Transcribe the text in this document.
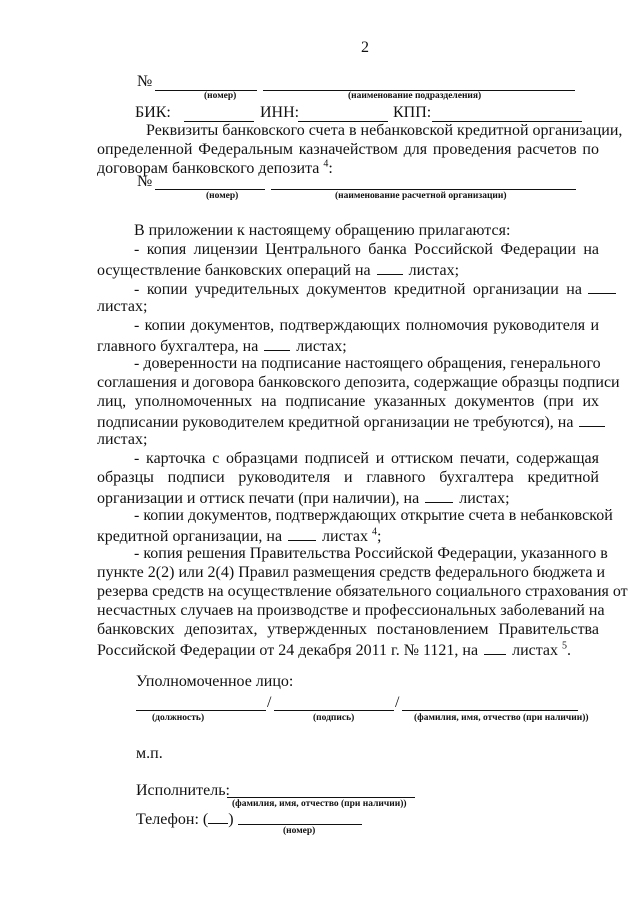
2
№
(номер)	(наименование подразделения)
БИК:	ИНН:	КПП:
Реквизиты банковского счета в небанковской кредитной организации,
определенной Федеральным казначейством для проведения расчетов по
договорам банковского депозита $^4$:
№
(номер)	(наименование расчетной организации)
В приложении к настоящему обращению прилагаются:
- копия лицензии Центрального банка Российской Федерации на
осуществление банковских операций на листах;
- копии учредительных документов кредитной организации на
листах;
- копии документов, подтверждающих полномочия руководителя и
главного бухгалтера, на листах;
- доверенности на подписание настоящего обращения, генерального
соглашения и договора банковского депозита, содержащие образцы подписи
лиц, уполномоченных на подписание указанных документов (при их
подписании руководителем кредитной организации не требуются), на
листах;
- карточка с образцами подписей и оттиском печати, содержащая
образцы подписи руководителя и главного бухгалтера кредитной
организации и оттиск печати (при наличии), на	листах;
- копии документов, подтверждающих открытие счета в небанковской
кредитной организации, на	листах $^4$;
- копия решения Правительства Российской Федерации, указанного в
пункте 2(2) или 2(4) Правил размещения средств федерального бюджета и
резерва средств на осуществление обязательного социального страхования от
несчастных случаев на производстве и профессиональных заболеваний на
банковских депозитах, утвержденных постановлением Правительства
Российской Федерации от 24 декабря 2011 г. № 1121, на листах $^5$.
Уполномоченное лицо:
/	/
(должность)	(подпись)	(фамилия, имя, отчество (при наличии))
м.п.
Исполнитель:
(фамилия, имя, отчество (при наличии))
Телефон: ( )
(номер)
